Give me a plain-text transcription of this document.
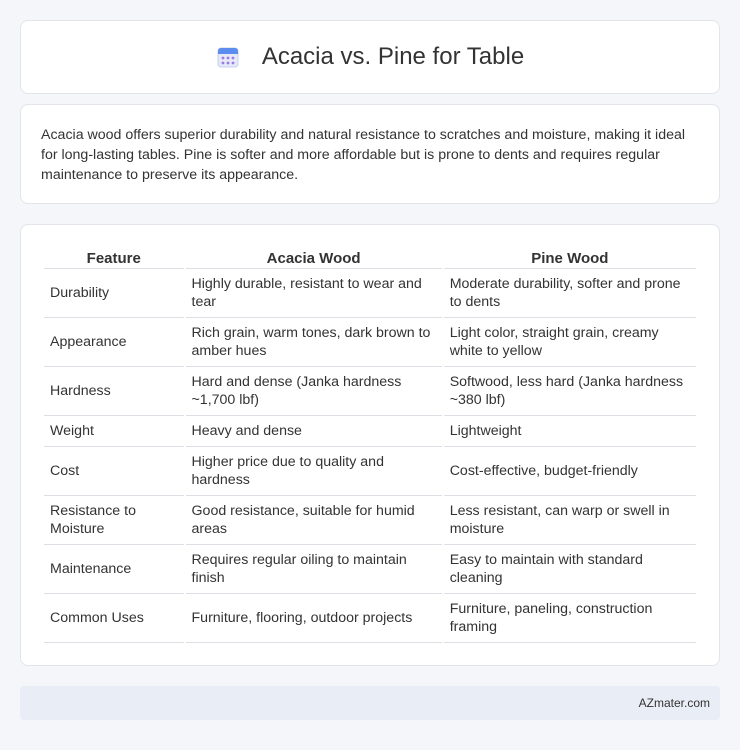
Acacia vs. Pine for Table

Acacia wood offers superior durability and natural resistance to scratches and moisture, making it ideal for long-lasting tables. Pine is softer and more affordable but is prone to dents and requires regular maintenance to preserve its appearance.

Feature	Acacia Wood	Pine Wood
Durability	Highly durable, resistant to wear and tear	Moderate durability, softer and prone to dents
Appearance	Rich grain, warm tones, dark brown to amber hues	Light color, straight grain, creamy white to yellow
Hardness	Hard and dense (Janka hardness ~1,700 lbf)	Softwood, less hard (Janka hardness ~380 lbf)
Weight	Heavy and dense	Lightweight
Cost	Higher price due to quality and hardness	Cost-effective, budget-friendly
Resistance to Moisture	Good resistance, suitable for humid areas	Less resistant, can warp or swell in moisture
Maintenance	Requires regular oiling to maintain finish	Easy to maintain with standard cleaning
Common Uses	Furniture, flooring, outdoor projects	Furniture, paneling, construction framing
AZmater.com
